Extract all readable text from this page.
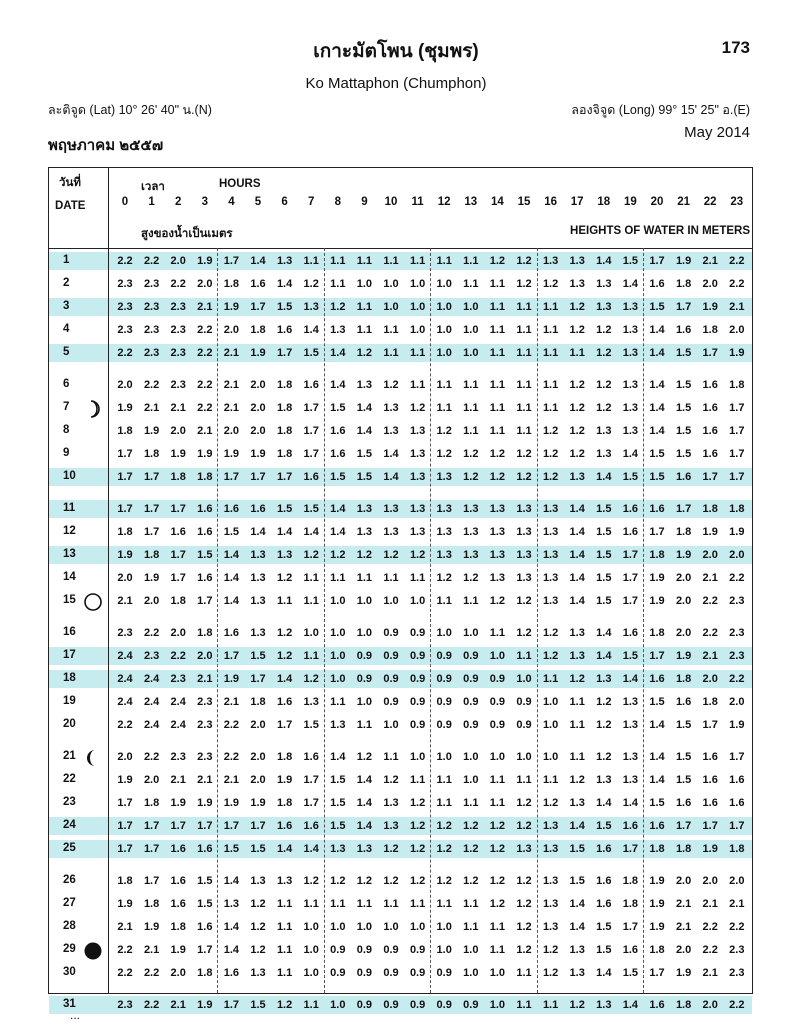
เกาะมัตโพน (ชุมพร)	173
Ko Mattaphon (Chumphon)
ละติจูด (Lat) 10° 26' 40" น.(N)	ลองจิจูด (Long) 99° 15' 25" อ.(E)
พฤษภาคม ๒๕๕๗
May 2014
วันที่
DATE
เวลา	HOURS
0	1	2	3	4	5	6	7	8	9	10	11	12	13	14	15	16	17	18	19	20	21	22	23
สูงของน้ำเป็นเมตร	HEIGHTS OF WATER IN METERS
1	2.2	2.2	2.0	1.9	1.7	1.4	1.3	1.1	1.1	1.1	1.1	1.1	1.1	1.1	1.2	1.2	1.3	1.3	1.4	1.5	1.7	1.9	2.1	2.2
2	2.3	2.3	2.2	2.0	1.8	1.6	1.4	1.2	1.1	1.0	1.0	1.0	1.0	1.1	1.1	1.2	1.2	1.3	1.3	1.4	1.6	1.8	2.0	2.2
3	2.3	2.3	2.3	2.1	1.9	1.7	1.5	1.3	1.2	1.1	1.0	1.0	1.0	1.0	1.1	1.1	1.1	1.2	1.3	1.3	1.5	1.7	1.9	2.1
4	2.3	2.3	2.3	2.2	2.0	1.8	1.6	1.4	1.3	1.1	1.1	1.0	1.0	1.0	1.1	1.1	1.1	1.2	1.2	1.3	1.4	1.6	1.8	2.0
5	2.2	2.3	2.3	2.2	2.1	1.9	1.7	1.5	1.4	1.2	1.1	1.1	1.0	1.0	1.1	1.1	1.1	1.1	1.2	1.3	1.4	1.5	1.7	1.9
6	2.0	2.2	2.3	2.2	2.1	2.0	1.8	1.6	1.4	1.3	1.2	1.1	1.1	1.1	1.1	1.1	1.1	1.2	1.2	1.3	1.4	1.5	1.6	1.8
7	1.9	2.1	2.1	2.2	2.1	2.0	1.8	1.7	1.5	1.4	1.3	1.2	1.1	1.1	1.1	1.1	1.1	1.2	1.2	1.3	1.4	1.5	1.6	1.7
8	1.8	1.9	2.0	2.1	2.0	2.0	1.8	1.7	1.6	1.4	1.3	1.3	1.2	1.1	1.1	1.1	1.2	1.2	1.3	1.3	1.4	1.5	1.6	1.7
9	1.7	1.8	1.9	1.9	1.9	1.9	1.8	1.7	1.6	1.5	1.4	1.3	1.2	1.2	1.2	1.2	1.2	1.2	1.3	1.4	1.5	1.5	1.6	1.7
10	1.7	1.7	1.8	1.8	1.7	1.7	1.7	1.6	1.5	1.5	1.4	1.3	1.3	1.2	1.2	1.2	1.2	1.3	1.4	1.5	1.5	1.6	1.7	1.7
11	1.7	1.7	1.7	1.6	1.6	1.6	1.5	1.5	1.4	1.3	1.3	1.3	1.3	1.3	1.3	1.3	1.3	1.4	1.5	1.6	1.6	1.7	1.8	1.8
12	1.8	1.7	1.6	1.6	1.5	1.4	1.4	1.4	1.4	1.3	1.3	1.3	1.3	1.3	1.3	1.3	1.3	1.4	1.5	1.6	1.7	1.8	1.9	1.9
13	1.9	1.8	1.7	1.5	1.4	1.3	1.3	1.2	1.2	1.2	1.2	1.2	1.3	1.3	1.3	1.3	1.3	1.4	1.5	1.7	1.8	1.9	2.0	2.0
14	2.0	1.9	1.7	1.6	1.4	1.3	1.2	1.1	1.1	1.1	1.1	1.1	1.2	1.2	1.3	1.3	1.3	1.4	1.5	1.7	1.9	2.0	2.1	2.2
15	2.1	2.0	1.8	1.7	1.4	1.3	1.1	1.1	1.0	1.0	1.0	1.0	1.1	1.1	1.2	1.2	1.3	1.4	1.5	1.7	1.9	2.0	2.2	2.3
16	2.3	2.2	2.0	1.8	1.6	1.3	1.2	1.0	1.0	1.0	0.9	0.9	1.0	1.0	1.1	1.2	1.2	1.3	1.4	1.6	1.8	2.0	2.2	2.3
17	2.4	2.3	2.2	2.0	1.7	1.5	1.2	1.1	1.0	0.9	0.9	0.9	0.9	0.9	1.0	1.1	1.2	1.3	1.4	1.5	1.7	1.9	2.1	2.3
18	2.4	2.4	2.3	2.1	1.9	1.7	1.4	1.2	1.0	0.9	0.9	0.9	0.9	0.9	0.9	1.0	1.1	1.2	1.3	1.4	1.6	1.8	2.0	2.2
19	2.4	2.4	2.4	2.3	2.1	1.8	1.6	1.3	1.1	1.0	0.9	0.9	0.9	0.9	0.9	0.9	1.0	1.1	1.2	1.3	1.5	1.6	1.8	2.0
20	2.2	2.4	2.4	2.3	2.2	2.0	1.7	1.5	1.3	1.1	1.0	0.9	0.9	0.9	0.9	0.9	1.0	1.1	1.2	1.3	1.4	1.5	1.7	1.9
21	2.0	2.2	2.3	2.3	2.2	2.0	1.8	1.6	1.4	1.2	1.1	1.0	1.0	1.0	1.0	1.0	1.0	1.1	1.2	1.3	1.4	1.5	1.6	1.7
22	1.9	2.0	2.1	2.1	2.1	2.0	1.9	1.7	1.5	1.4	1.2	1.1	1.1	1.0	1.1	1.1	1.1	1.2	1.3	1.3	1.4	1.5	1.6	1.6
23	1.7	1.8	1.9	1.9	1.9	1.9	1.8	1.7	1.5	1.4	1.3	1.2	1.1	1.1	1.1	1.2	1.2	1.3	1.4	1.4	1.5	1.6	1.6	1.6
24	1.7	1.7	1.7	1.7	1.7	1.7	1.6	1.6	1.5	1.4	1.3	1.2	1.2	1.2	1.2	1.2	1.3	1.4	1.5	1.6	1.6	1.7	1.7	1.7
25	1.7	1.7	1.6	1.6	1.5	1.5	1.4	1.4	1.3	1.3	1.2	1.2	1.2	1.2	1.2	1.3	1.3	1.5	1.6	1.7	1.8	1.8	1.9	1.8
26	1.8	1.7	1.6	1.5	1.4	1.3	1.3	1.2	1.2	1.2	1.2	1.2	1.2	1.2	1.2	1.2	1.3	1.5	1.6	1.8	1.9	2.0	2.0	2.0
27	1.9	1.8	1.6	1.5	1.3	1.2	1.1	1.1	1.1	1.1	1.1	1.1	1.1	1.1	1.2	1.2	1.3	1.4	1.6	1.8	1.9	2.1	2.1	2.1
28	2.1	1.9	1.8	1.6	1.4	1.2	1.1	1.0	1.0	1.0	1.0	1.0	1.0	1.1	1.1	1.2	1.3	1.4	1.5	1.7	1.9	2.1	2.2	2.2
29	2.2	2.1	1.9	1.7	1.4	1.2	1.1	1.0	0.9	0.9	0.9	0.9	1.0	1.0	1.1	1.2	1.2	1.3	1.5	1.6	1.8	2.0	2.2	2.3
30	2.2	2.2	2.0	1.8	1.6	1.3	1.1	1.0	0.9	0.9	0.9	0.9	0.9	1.0	1.0	1.1	1.2	1.3	1.4	1.5	1.7	1.9	2.1	2.3
31	2.3	2.2	2.1	1.9	1.7	1.5	1.2	1.1	1.0	0.9	0.9	0.9	0.9	0.9	1.0	1.1	1.1	1.2	1.3	1.4	1.6	1.8	2.0	2.2
...
